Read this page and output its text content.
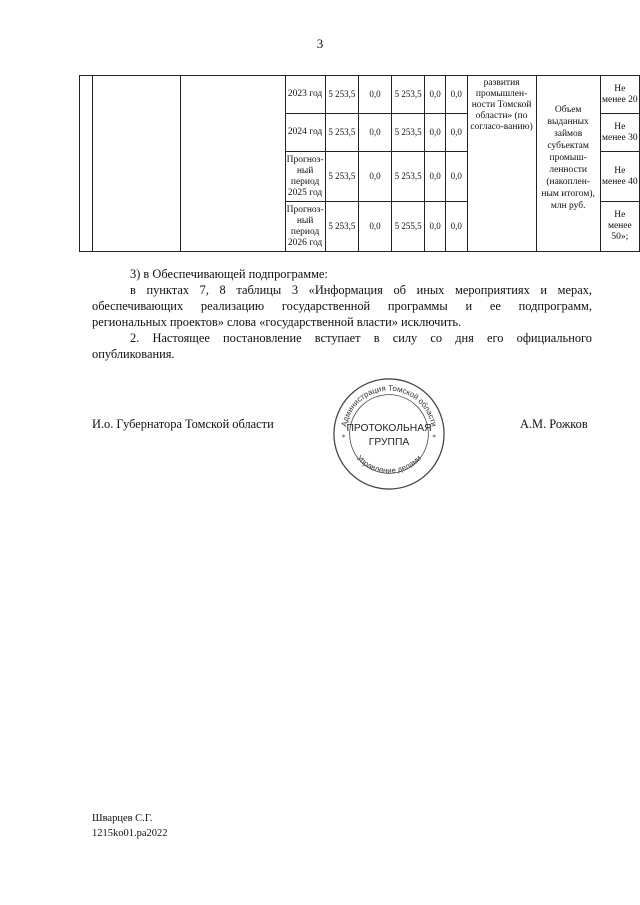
3
			2023 год	5 253,5	0,0	5 253,5	0,0	0,0	развития промышлен-ности Томской области» (по согласо-ванию)	Объем выданных займов субъектам промыш-ленности (накоплен-ным итогом), млн руб.	Не менее 20
			2024 год	5 253,5	0,0	5 253,5	0,0	0,0			Не менее 30
			Прогноз-ный период 2025 год	5 253,5	0,0	5 253,5	0,0	0,0			Не менее 40
			Прогноз-ный период 2026 год	5 253,5	0,0	5 255,5	0,0	0,0			Не менее 50»;

3) в Обеспечивающей подпрограмме:

в пунктах 7, 8 таблицы 3 «Информация об иных мероприятиях и мерах,
обеспечивающих реализацию государственной программы и ее подпрограмм,
региональных проектов» слова «государственной власти» исключить.
2. Настоящее постановление вступает в силу со дня его официального
опубликования.
И.о. Губернатора Томской области	Администрация Томской области
Управление делами
*	*
ПРОТОКОЛЬНАЯ
ГРУППА
А.М. Рожков
Шварцев С.Г.
1215ko01.pa2022
